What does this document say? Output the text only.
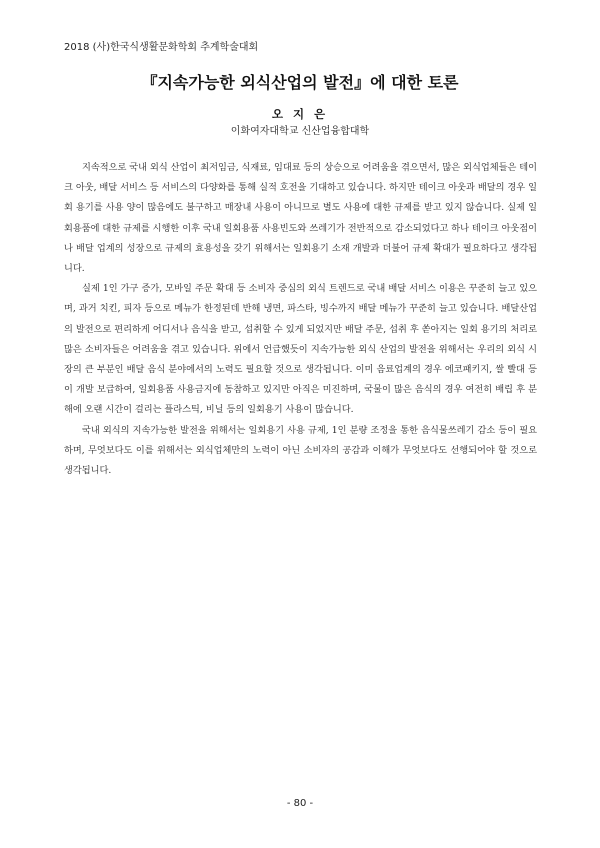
2018 (사)한국식생활문화학회 추계학술대회
『지속가능한 외식산업의 발전』에 대한 토론
오 지 은
이화여자대학교 신산업융합대학

지속적으로 국내 외식 산업이 최저임금, 식재료, 임대료 등의 상승으로 어려움을 겪으면서, 많은 외식업체들은 테이크 아웃, 배달 서비스 등 서비스의 다양화를 통해 실적 호전을 기대하고 있습니다. 하지만 테이크 아웃과 배달의 경우 일회 용기를 사용 양이 많음에도 불구하고 매장내 사용이 아니므로 별도 사용에 대한 규제를 받고 있지 않습니다. 실제 일회용품에 대한 규제를 시행한 이후 국내 일회용품 사용빈도와 쓰레기가 전반적으로 감소되었다고 하나 테이크 아웃점이나 배달 업계의 성장으로 규제의 효용성을 갖기 위해서는 일회용기 소재 개발과 더불어 규제 확대가 필요하다고 생각됩니다.

실제 1인 가구 증가, 모바일 주문 확대 등 소비자 중심의 외식 트렌드로 국내 배달 서비스 이용은 꾸준히 늘고 있으며, 과거 치킨, 피자 등으로 메뉴가 한정된데 반해 냉면, 파스타, 빙수까지 배달 메뉴가 꾸준히 늘고 있습니다. 배달산업의 발전으로 편리하게 어디서나 음식을 받고, 섭취할 수 있게 되었지만 배달 주문, 섭취 후 쏟아지는 일회 용기의 처리로 많은 소비자들은 어려움을 겪고 있습니다. 위에서 언급했듯이 지속가능한 외식 산업의 발전을 위해서는 우리의 외식 시장의 큰 부분인 배달 음식 분야에서의 노력도 필요할 것으로 생각됩니다. 이미 음료업계의 경우 에코패키지, 쌀 빨대 등이 개발 보급하여, 일회용품 사용금지에 동참하고 있지만 아직은 미진하며, 국물이 많은 음식의 경우 여전히 배립 후 분해에 오랜 시간이 걸리는 플라스틱, 비닐 등의 일회용기 사용이 많습니다.

국내 외식의 지속가능한 발전을 위해서는 일회용기 사용 규제, 1인 분량 조정을 통한 음식물쓰레기 감소 등이 필요하며, 무엇보다도 이를 위해서는 외식업체만의 노력이 아닌 소비자의 공감과 이해가 무엇보다도 선행되어야 할 것으로 생각됩니다.

- 80 -
